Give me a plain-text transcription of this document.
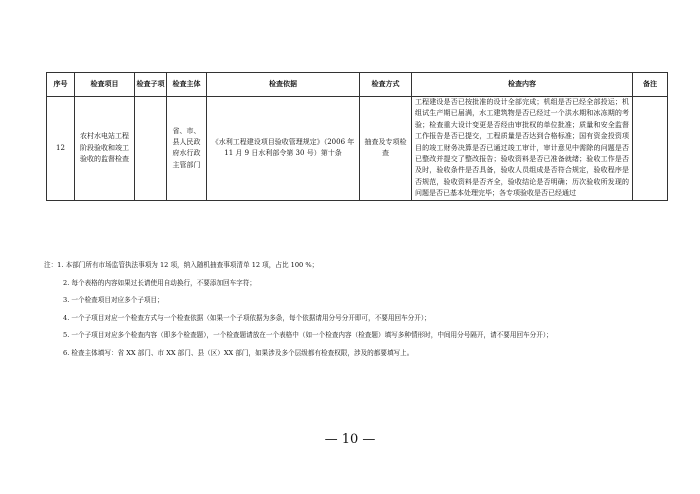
序号	检查项目	检查子项	检查主体	检查依据	检查方式	检查内容	备注
12	农村水电站工程阶段验收和竣工验收的监督检查		省、市、县人民政府水行政主管部门	《水利工程建设项目验收管理规定》（2006 年 11 月 9 日水利部令第 30 号）第十条	抽查及专项检查	工程建设是否已按批准的设计全部完成；机组是否已经全部投运；机组试生产期已届满，水工建筑物是否已经过一个洪水期和冰冻期的考验；检查重大设计变更是否经由审批权的单位批准；质量和安全监督工作报告是否已提交，工程质量是否达到合格标准；国有资金投资项目的竣工财务决算是否已通过竣工审计，审计意见中需除的问题是否已整改并提交了整改报告；验收资料是否已准备就绪；验收工作是否及时，验收条件是否具备，验收人员组成是否符合规定，验收程序是否规范，验收资料是否齐全，验收结论是否明确；历次验收所发现的问题是否已基本处理完毕；各专项验收是否已经通过	
注：1. 本部门所有市场监管执法事项为 12 项，纳入随机抽查事项清单 12 项，占比 100 %；
2. 每个表格的内容如果过长请使用自动换行，不要添加回车字符；
3. 一个检查项目对应多个子项目；
4. 一个子项目对应一个检查方式与一个检查依据（如果一个子项依据为多条，每个依据请用分号分开即可，不要用回车分开）；
5. 一个子项目对应多个检查内容（即多个检查题），一个检查题请放在一个表格中（如一个检查内容（检查题）填写多种情形时，中间用分号隔开，请不要用回车分开）；
6. 检查主体填写：省 XX 部门、市 XX 部门、县（区）XX 部门，如果涉及多个层级都有检查权限，涉及的都要填写上。
— 10 —
